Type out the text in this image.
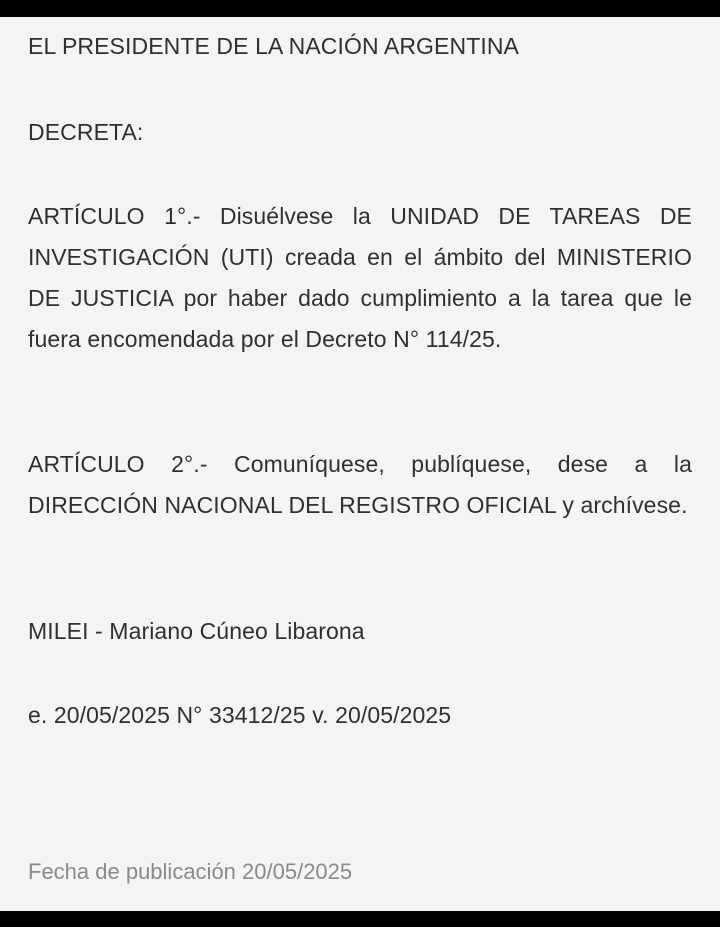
EL PRESIDENTE DE LA NACIÓN ARGENTINA

DECRETA:

ARTÍCULO 1°.- Disuélvese la UNIDAD DE TAREAS DE INVESTIGACIÓN (UTI) creada en el ámbito del MINISTERIO DE JUSTICIA por haber dado cumplimiento a la tarea que le fuera encomendada por el Decreto N° 114/25.

ARTÍCULO 2°.- Comuníquese, publíquese, dese a la DIRECCIÓN NACIONAL DEL REGISTRO OFICIAL y archívese.

MILEI - Mariano Cúneo Libarona

e. 20/05/2025 N° 33412/25 v. 20/05/2025

Fecha de publicación 20/05/2025
